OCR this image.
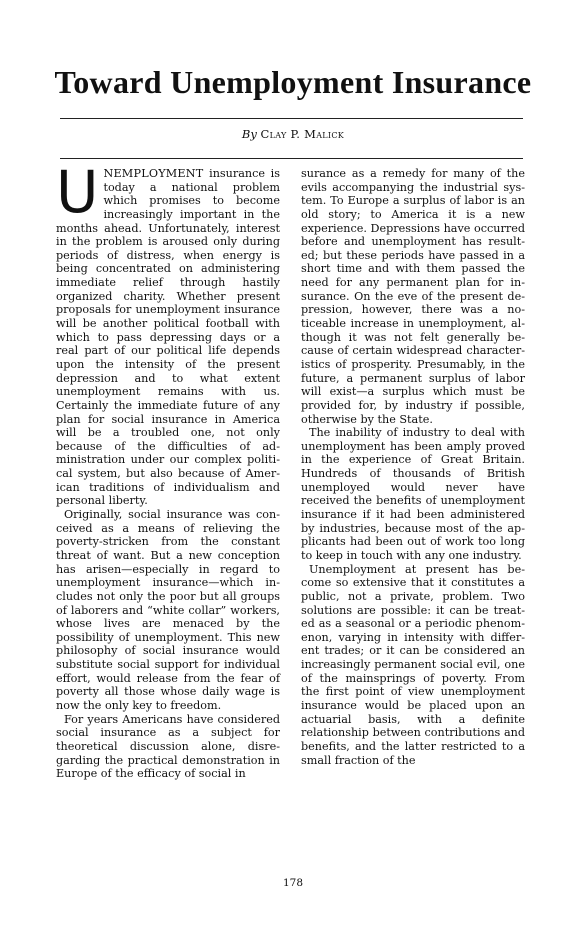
Toward Unemployment Insurance
By Clay P. Malick

UNEMPLOYMENT insurance is today a national problem which promises to become increasingly important in the months ahead. Unfortunately, interest in the problem is aroused only during periods of distress, when energy is being concentrated on administering immediate relief through hastily organized charity. Whether present proposals for unemployment insurance will be another political football with which to pass depressing days or a real part of our political life depends upon the intensity of the present depression and to what extent unemployment remains with us. Certainly the immediate future of any plan for social insurance in America will be a troubled one, not only because of the difficulties of administration under our complex political system, but also because of American traditions of individualism and personal liberty.

Originally, social insurance was conceived as a means of relieving the poverty-stricken from the constant threat of want. But a new conception has arisen—especially in regard to unemployment insurance—which includes not only the poor but all groups of laborers and “white collar” workers, whose lives are menaced by the possibility of unemployment. This new philosophy of social insurance would substitute social support for individual effort, would release from the fear of poverty all those whose daily wage is now the only key to freedom.

For years Americans have considered social insurance as a subject for theoretical discussion alone, disregarding the practical demonstration in Europe of the efficacy of social in

surance as a remedy for many of the evils accompanying the industrial system. To Europe a surplus of labor is an old story; to America it is a new experience. Depressions have occurred before and unemployment has resulted; but these periods have passed in a short time and with them passed the need for any permanent plan for insurance. On the eve of the present depression, however, there was a noticeable increase in unemployment, although it was not felt generally because of certain widespread characteristics of prosperity. Presumably, in the future, a permanent surplus of labor will exist—a surplus which must be provided for, by industry if possible, otherwise by the State.

The inability of industry to deal with unemployment has been amply proved in the experience of Great Britain. Hundreds of thousands of British unemployed would never have received the benefits of unemployment insurance if it had been administered by industries, because most of the applicants had been out of work too long to keep in touch with any one industry.

Unemployment at present has become so extensive that it constitutes a public, not a private, problem. Two solutions are possible: it can be treated as a seasonal or a periodic phenomenon, varying in intensity with different trades; or it can be considered an increasingly permanent social evil, one of the mainsprings of poverty. From the first point of view unemployment insurance would be placed upon an actuarial basis, with a definite relationship between contributions and benefits, and the latter restricted to a small fraction of the

178
